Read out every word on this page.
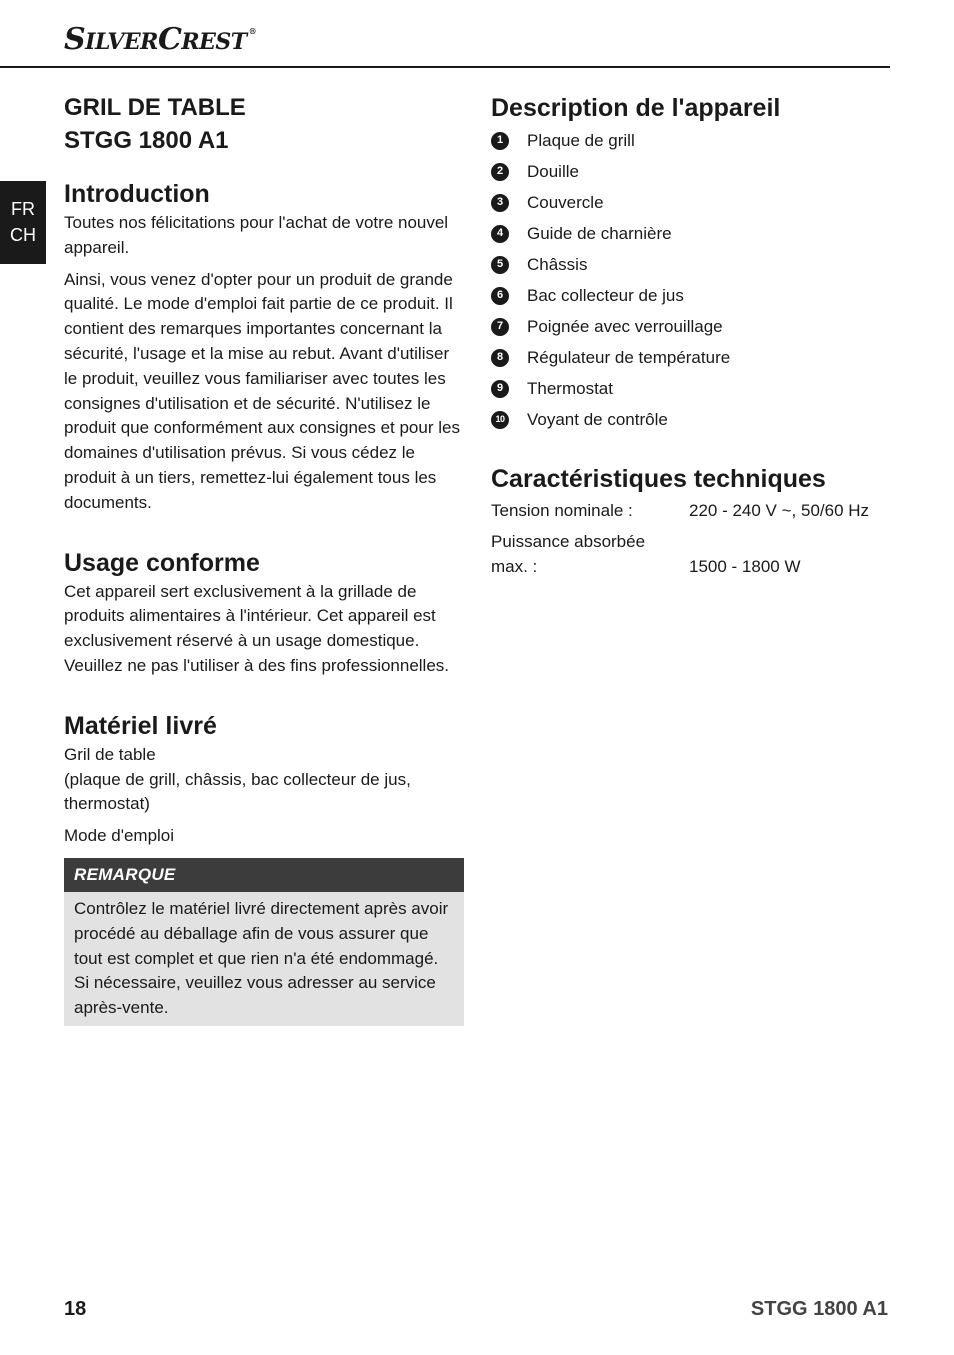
SILVERCREST ®
FR
CH
GRIL DE TABLE
STGG 1800 A1
Introduction

Toutes nos félicitations pour l'achat de votre nouvel appareil.

Ainsi, vous venez d'opter pour un produit de grande qualité. Le mode d'emploi fait partie de ce produit. Il contient des remarques importantes concernant la sécurité, l'usage et la mise au rebut. Avant d'utiliser le produit, veuillez vous familiariser avec toutes les consignes d'utilisation et de sécurité. N'utilisez le produit que conformément aux consignes et pour les domaines d'utilisation prévus. Si vous cédez le produit à un tiers, remettez-lui également tous les documents.

Usage conforme

Cet appareil sert exclusivement à la grillade de produits alimentaires à l'intérieur. Cet appareil est exclusivement réservé à un usage domestique. Veuillez ne pas l'utiliser à des fins professionnelles.

Matériel livré

Gril de table

(plaque de grill, châssis, bac collecteur de jus, thermostat)

Mode d'emploi

REMARQUE

Contrôlez le matériel livré directement après avoir procédé au déballage afin de vous assurer que tout est complet et que rien n'a été endommagé. Si nécessaire, veuillez vous adresser au service après-vente.

Description de l'appareil
1	Plaque de grill
2	Douille
3	Couvercle
4	Guide de charnière
5	Châssis
6	Bac collecteur de jus
7	Poignée avec verrouillage
8	Régulateur de température
9	Thermostat
10 Voyant de contrôle
Caractéristiques techniques
Tension nominale :	220 - 240 V ~, 50/60 Hz
Puissance absorbée max. :	1500 - 1800 W
18	STGG 1800 A1
